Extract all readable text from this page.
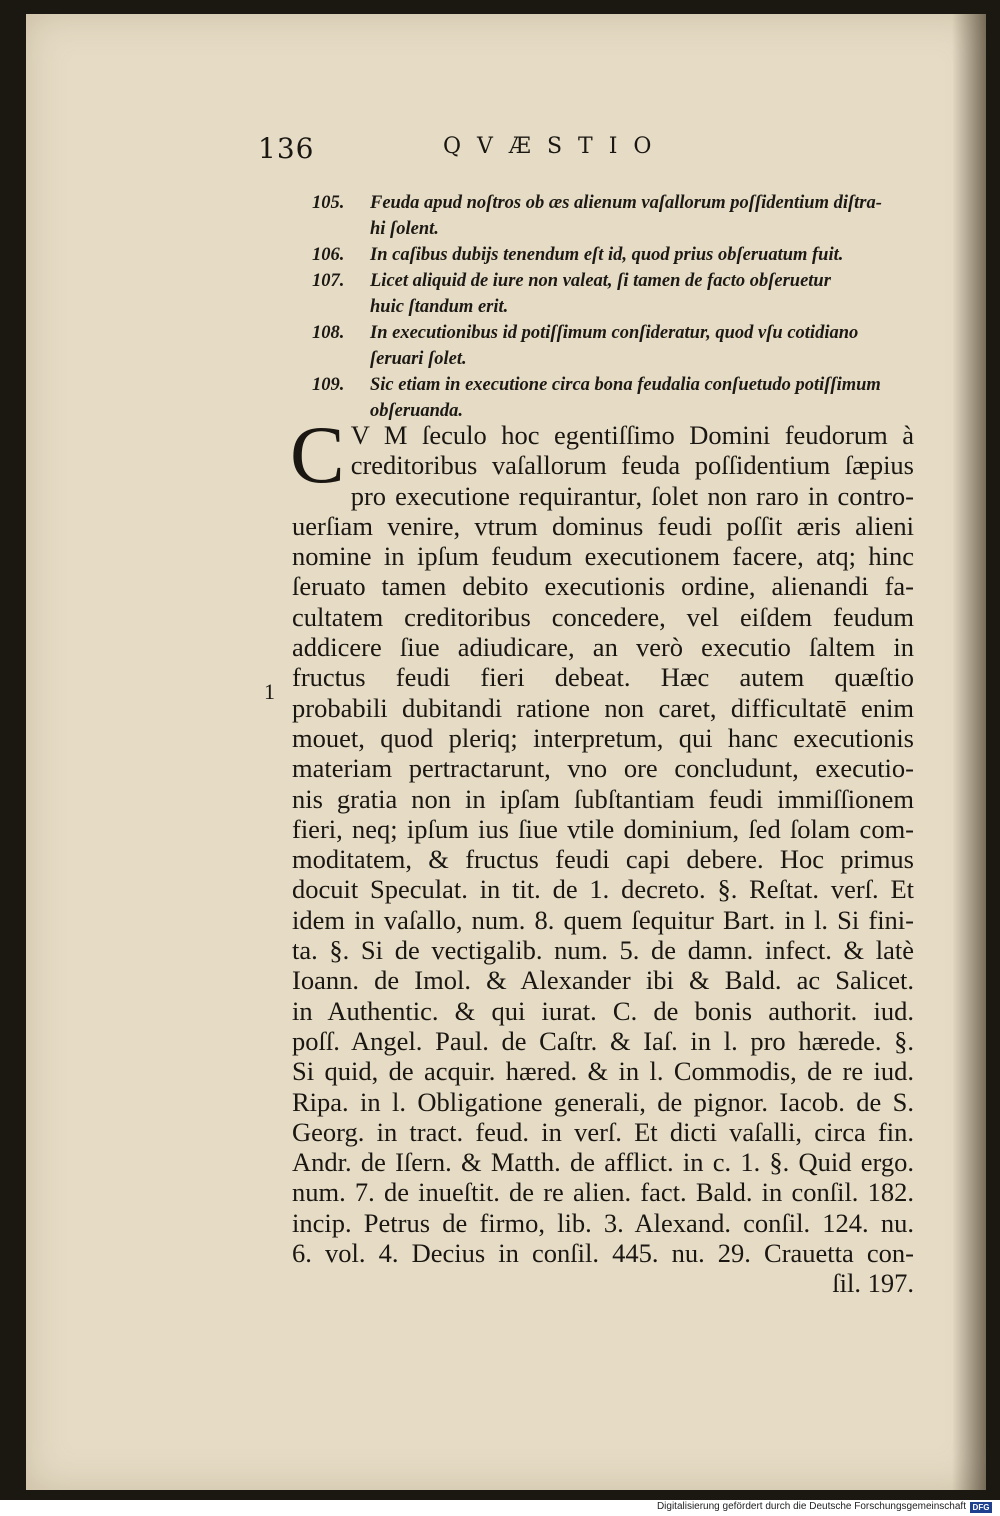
136	QVÆSTIO
105.	Feuda apud noſtros ob æs alienum vaſallorum poſſidentium diſtra-
hi ſolent.
106.	In caſibus dubijs tenendum eſt id, quod prius obſeruatum fuit.
107.	Licet aliquid de iure non valeat, ſi tamen de facto obſeruetur
huic ſtandum erit.
108.	In executionibus id potiſſimum conſideratur, quod vſu cotidiano
ſeruari ſolet.
109.	Sic etiam in executione circa bona feudalia conſuetudo potiſſimum
obſeruanda.
1
C V M ſeculo hoc egentiſſimo Domini feudorum à
creditoribus vaſallorum feuda poſſidentium ſæpius
pro executione requirantur, ſolet non raro in contro-
uerſiam venire, vtrum dominus feudi poſſit æris alieni
nomine in ipſum feudum executionem facere, atq; hinc
ſeruato tamen debito executionis ordine, alienandi fa-
cultatem creditoribus concedere, vel eiſdem feudum
addicere ſiue adiudicare, an verò executio ſaltem in
fructus feudi fieri debeat. Hæc autem quæſtio
probabili dubitandi ratione non caret, difficultatē enim
mouet, quod pleriq; interpretum, qui hanc executionis
materiam pertractarunt, vno ore concludunt, executio-
nis gratia non in ipſam ſubſtantiam feudi immiſſionem
fieri, neq; ipſum ius ſiue vtile dominium, ſed ſolam com-
moditatem, & fructus feudi capi debere. Hoc primus
docuit Speculat. in tit. de 1. decreto. §. Reſtat. verſ. Et
idem in vaſallo, num. 8. quem ſequitur Bart. in l. Si fini-
ta. §. Si de vectigalib. num. 5. de damn. infect. & latè
Ioann. de Imol. & Alexander ibi & Bald. ac Salicet.
in Authentic. & qui iurat. C. de bonis authorit. iud.
poſſ. Angel. Paul. de Caſtr. & Iaſ. in l. pro hærede. §.
Si quid, de acquir. hæred. & in l. Commodis, de re iud.
Ripa. in l. Obligatione generali, de pignor. Iacob. de S.
Georg. in tract. feud. in verſ. Et dicti vaſalli, circa fin.
Andr. de Iſern. & Matth. de afflict. in c. 1. §. Quid ergo.
num. 7. de inueſtit. de re alien. fact. Bald. in conſil. 182.
incip. Petrus de firmo, lib. 3. Alexand. conſil. 124. nu.
6. vol. 4. Decius in conſil. 445. nu. 29. Crauetta con-
ſil. 197.
Digitalisierung gefördert durch die Deutsche Forschungsgemeinschaft DFG
